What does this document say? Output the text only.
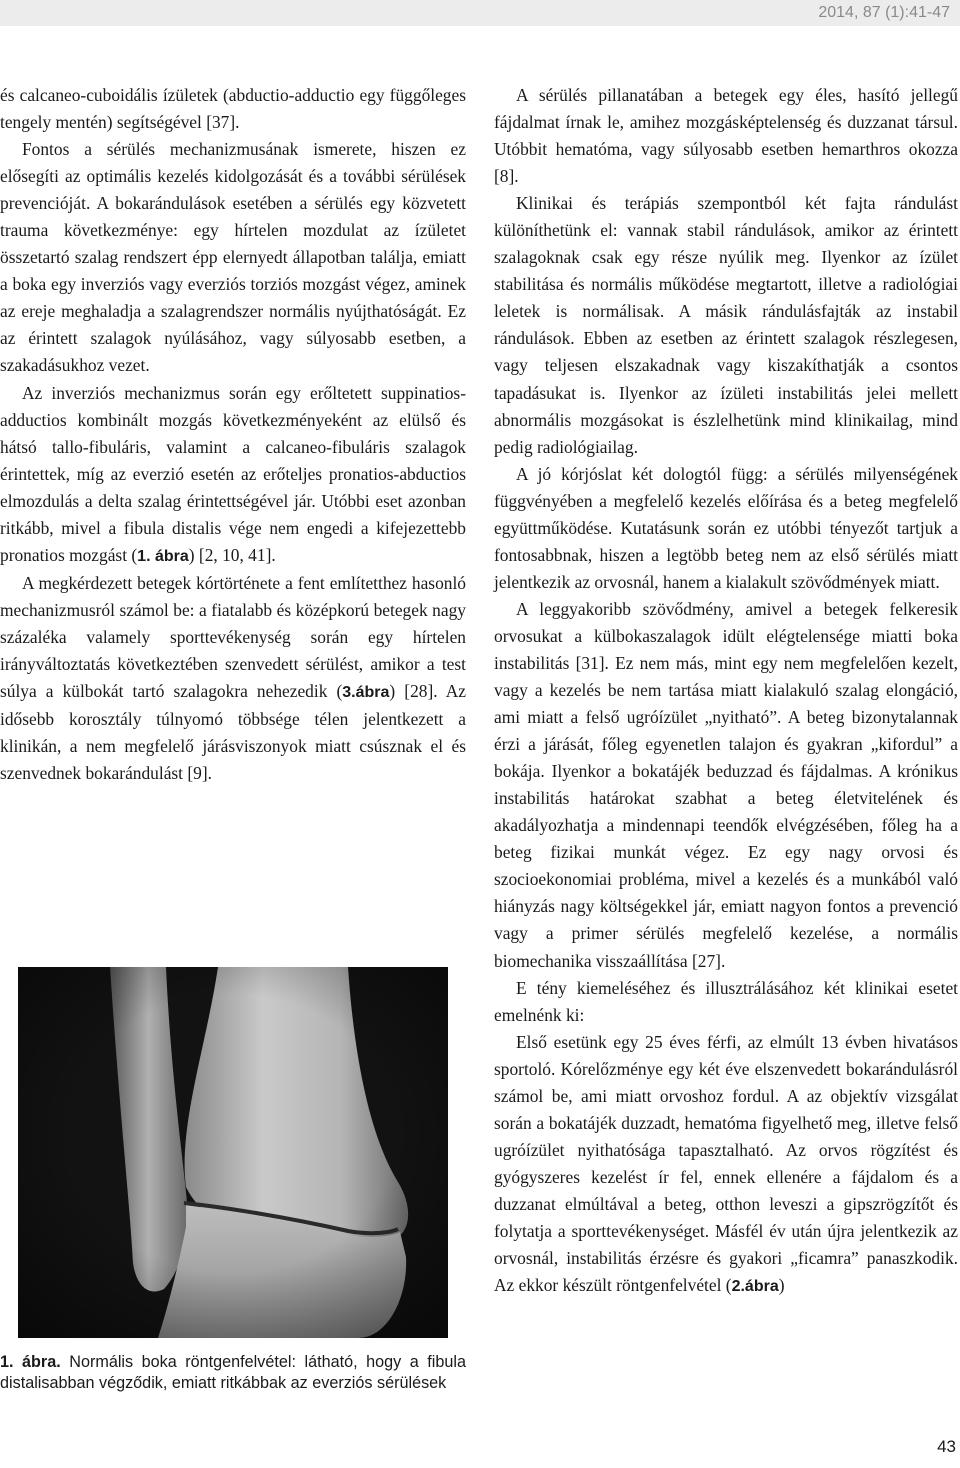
2014, 87 (1):41-47

és calcaneo-cuboidális ízületek (abductio-adductio egy függőleges tengely mentén) segítségével [37].

Fontos a sérülés mechanizmusának ismerete, hiszen ez elősegíti az optimális kezelés kidolgozását és a további sérülések prevencióját. A bokarándulások esetében a sérülés egy közvetett trauma következménye: egy hírtelen mozdulat az ízületet összetartó szalag rendszert épp elernyedt állapotban találja, emiatt a boka egy inverziós vagy everziós torziós mozgást végez, aminek az ereje meghaladja a szalagrendszer normális nyújthatóságát. Ez az érintett szalagok nyúlásához, vagy súlyosabb esetben, a szakadásukhoz vezet.

Az inverziós mechanizmus során egy erőltetett suppinatios-adductios kombinált mozgás következményeként az elülső és hátsó tallo-fibuláris, valamint a calcaneo-fibuláris szalagok érintettek, míg az everzió esetén az erőteljes pronatios-abductios elmozdulás a delta szalag érintettségével jár. Utóbbi eset azonban ritkább, mivel a fibula distalis vége nem engedi a kifejezettebb pronatios mozgást (1. ábra) [2, 10, 41].

A megkérdezett betegek kórtörténete a fent említetthez hasonló mechanizmusról számol be: a fiatalabb és középkorú betegek nagy százaléka valamely sporttevékenység során egy hírtelen irányváltoztatás következtében szenvedett sérülést, amikor a test súlya a külbokát tartó szalagokra nehezedik (3.ábra) [28]. Az idősebb korosztály túlnyomó többsége télen jelentkezett a klinikán, a nem megfelelő járásviszonyok miatt csúsznak el és szenvednek bokarándulást [9].

1. ábra. Normális boka röntgenfelvétel: látható, hogy a fibula distalisabban végződik, emiatt ritkábbak az everziós sérülések

A sérülés pillanatában a betegek egy éles, hasító jellegű fájdalmat írnak le, amihez mozgásképtelenség és duzzanat társul. Utóbbit hematóma, vagy súlyosabb esetben hemarthros okozza [8].

Klinikai és terápiás szempontból két fajta rándulást különíthetünk el: vannak stabil rándulások, amikor az érintett szalagoknak csak egy része nyúlik meg. Ilyenkor az ízület stabilitása és normális működése megtartott, illetve a radiológiai leletek is normálisak. A másik rándulásfajták az instabil rándulások. Ebben az esetben az érintett szalagok részlegesen, vagy teljesen elszakadnak vagy kiszakíthatják a csontos tapadásukat is. Ilyenkor az ízületi instabilitás jelei mellett abnormális mozgásokat is észlelhetünk mind klinikailag, mind pedig radiológiailag.

A jó kórjóslat két dologtól függ: a sérülés milyenségének függvényében a megfelelő kezelés előírása és a beteg megfelelő együttműködése. Kutatásunk során ez utóbbi tényezőt tartjuk a fontosabbnak, hiszen a legtöbb beteg nem az első sérülés miatt jelentkezik az orvosnál, hanem a kialakult szövődmények miatt.

A leggyakoribb szövődmény, amivel a betegek felkeresik orvosukat a külbokaszalagok idült elégtelensége miatti boka instabilitás [31]. Ez nem más, mint egy nem megfelelően kezelt, vagy a kezelés be nem tartása miatt kialakuló szalag elongáció, ami miatt a felső ugróízület „nyitható”. A beteg bizonytalannak érzi a járását, főleg egyenetlen talajon és gyakran „kifordul” a bokája. Ilyenkor a bokatájék beduzzad és fájdalmas. A krónikus instabilitás határokat szabhat a beteg életvitelének és akadályozhatja a mindennapi teendők elvégzésében, főleg ha a beteg fizikai munkát végez. Ez egy nagy orvosi és szocioekonomiai probléma, mivel a kezelés és a munkából való hiányzás nagy költségekkel jár, emiatt nagyon fontos a prevenció vagy a primer sérülés megfelelő kezelése, a normális biomechanika visszaállítása [27].

E tény kiemeléséhez és illusztrálásához két klinikai esetet emelnénk ki:

Első esetünk egy 25 éves férfi, az elmúlt 13 évben hivatásos sportoló. Kórelőzménye egy két éve elszenvedett bokarándulásról számol be, ami miatt orvoshoz fordul. A az objektív vizsgálat során a bokatájék duzzadt, hematóma figyelhető meg, illetve felső ugróízület nyithatósága tapasztalható. Az orvos rögzítést és gyógyszeres kezelést ír fel, ennek ellenére a fájdalom és a duzzanat elmúltával a beteg, otthon leveszi a gipszrögzítőt és folytatja a sporttevékenységet. Másfél év után újra jelentkezik az orvosnál, instabilitás érzésre és gyakori „ficamra” panaszkodik. Az ekkor készült röntgenfelvétel (2.ábra)

43
